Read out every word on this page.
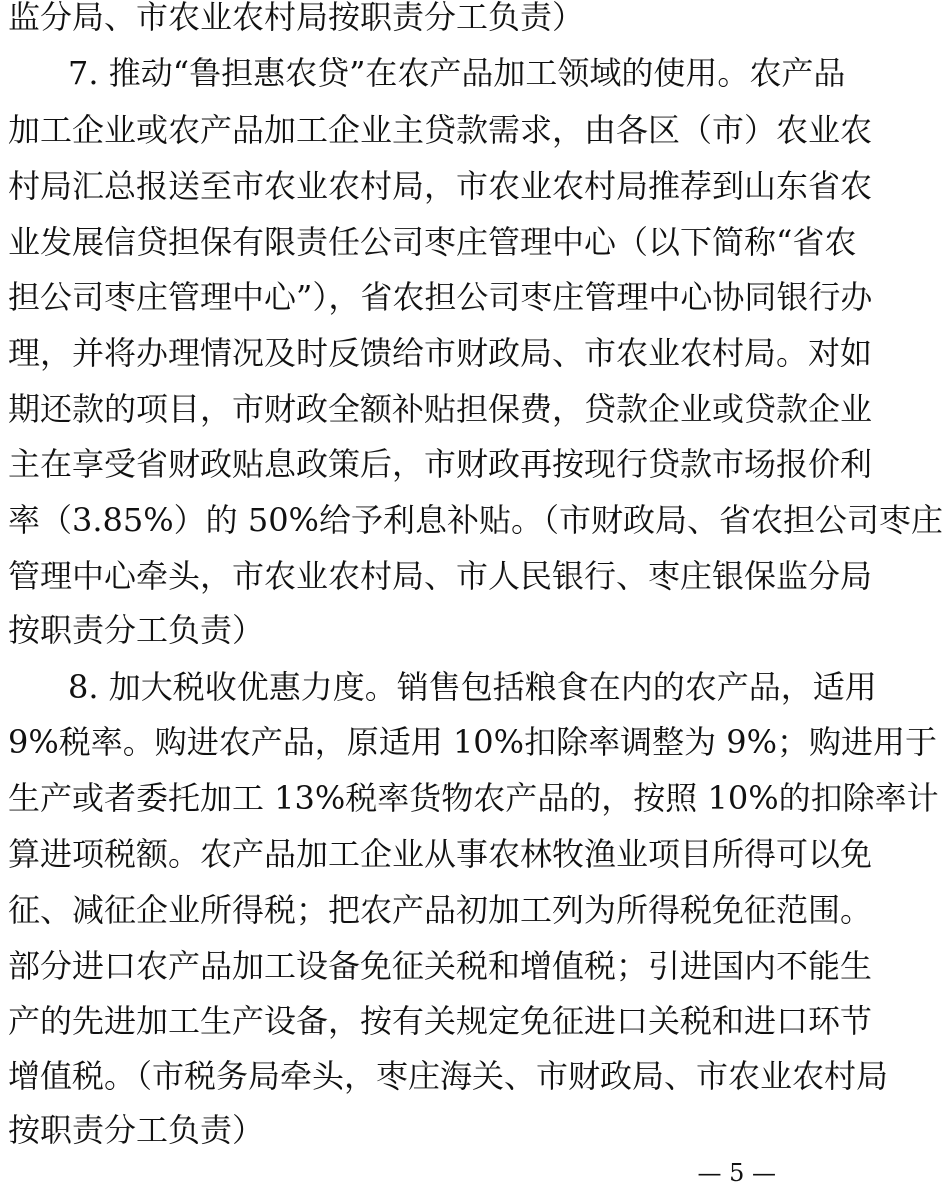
监分局、市农业农村局按职责分工负责）
7. 推动“鲁担惠农贷”在农产品加工领域的使用。农产品
加工企业或农产品加工企业主贷款需求，由各区（市）农业农
村局汇总报送至市农业农村局，市农业农村局推荐到山东省农
业发展信贷担保有限责任公司枣庄管理中心（以下简称“省农
担公司枣庄管理中心”），省农担公司枣庄管理中心协同银行办
理，并将办理情况及时反馈给市财政局、市农业农村局。对如
期还款的项目，市财政全额补贴担保费，贷款企业或贷款企业
主在享受省财政贴息政策后，市财政再按现行贷款市场报价利
率（3.85%）的 50%给予利息补贴。（市财政局、省农担公司枣庄
管理中心牵头，市农业农村局、市人民银行、枣庄银保监分局
按职责分工负责）
8. 加大税收优惠力度。销售包括粮食在内的农产品，适用
9%税率。购进农产品，原适用 10%扣除率调整为 9%；购进用于
生产或者委托加工 13%税率货物农产品的，按照 10%的扣除率计
算进项税额。农产品加工企业从事农林牧渔业项目所得可以免
征、减征企业所得税；把农产品初加工列为所得税免征范围。
部分进口农产品加工设备免征关税和增值税；引进国内不能生
产的先进加工生产设备，按有关规定免征进口关税和进口环节
增值税。（市税务局牵头，枣庄海关、市财政局、市农业农村局
按职责分工负责）
— 5 —
